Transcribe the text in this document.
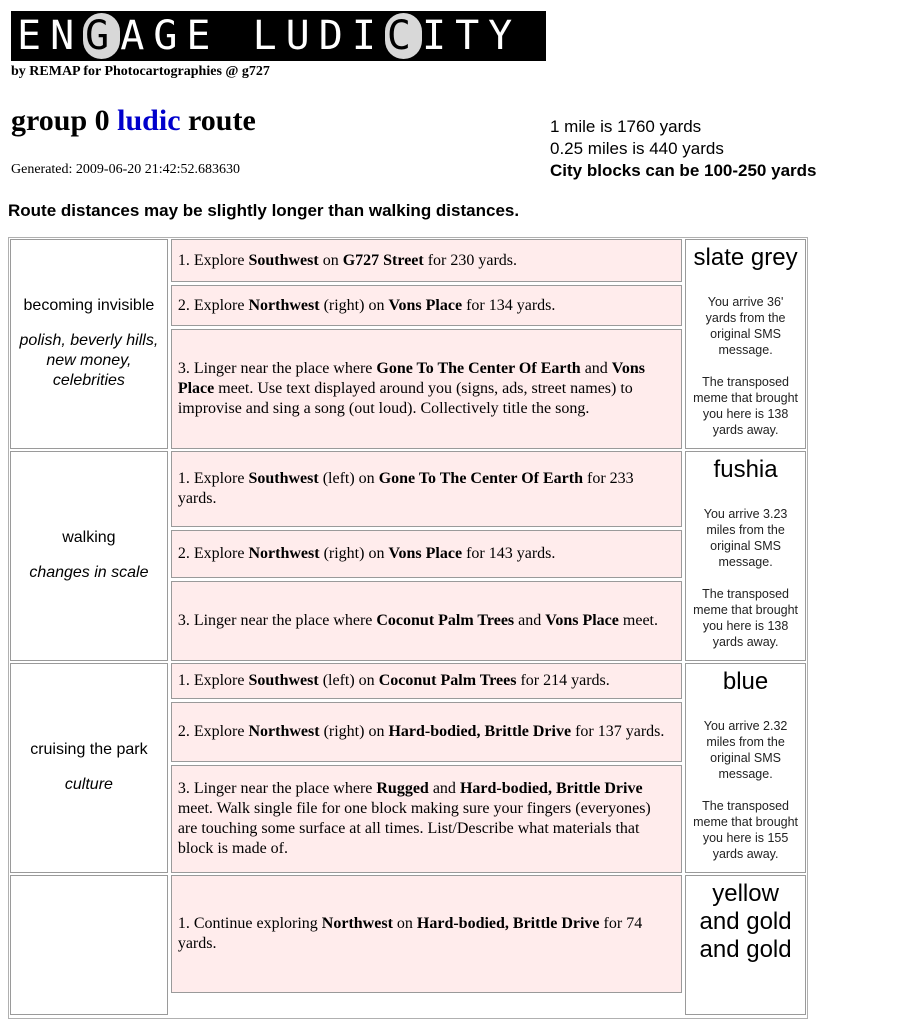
ENGAGE LUDICITY
by REMAP for Photocartographies @ g727
group 0 ludic route
Generated: 2009-06-20 21:42:52.683630
1 mile is 1760 yards
0.25 miles is 440 yards
City blocks can be 100-250 yards
Route distances may be slightly longer than walking distances.
becoming invisible
polish, beverly hills, new money, celebrities
1. Explore Southwest on G727 Street for 230 yards.
2. Explore Northwest (right) on Vons Place for 134 yards.
3. Linger near the place where Gone To The Center Of Earth and Vons Place meet. Use text displayed around you (signs, ads, street names) to improvise and sing a song (out loud). Collectively title the song.
slate grey
You arrive 36' yards from the original SMS message.
The transposed meme that brought you here is 138 yards away.
walking
changes in scale
1. Explore Southwest (left) on Gone To The Center Of Earth for 233 yards.
2. Explore Northwest (right) on Vons Place for 143 yards.
3. Linger near the place where Coconut Palm Trees and Vons Place meet.
fushia
You arrive 3.23 miles from the original SMS message.
The transposed meme that brought you here is 138 yards away.
cruising the park
culture
1. Explore Southwest (left) on Coconut Palm Trees for 214 yards.
2. Explore Northwest (right) on Hard-bodied, Brittle Drive for 137 yards.
3. Linger near the place where Rugged and Hard-bodied, Brittle Drive meet. Walk single file for one block making sure your fingers (everyones) are touching some surface at all times. List/Describe what materials that block is made of.
blue
You arrive 2.32 miles from the original SMS message.
The transposed meme that brought you here is 155 yards away.
1. Continue exploring Northwest on Hard-bodied, Brittle Drive for 74 yards.
yellow and gold and gold
